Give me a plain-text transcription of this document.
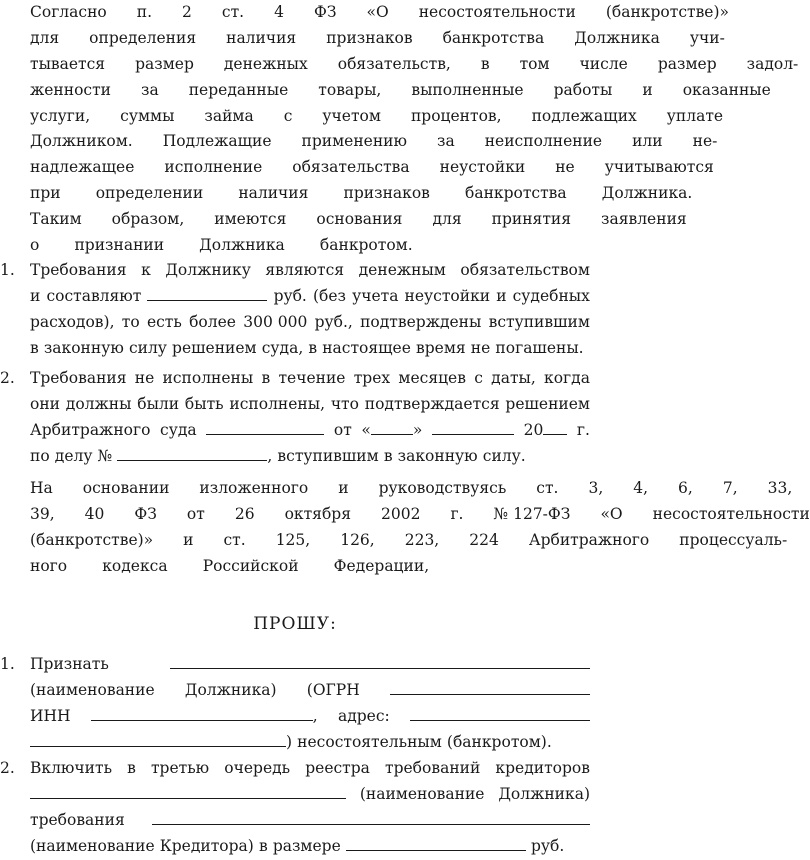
Согласно	п.	2	ст.	4	ФЗ	«О	несостоятельности	(банкротстве)»
для	определения	наличия	признаков	банкротства	Должника	учи-
тывается	размер	денежных	обязательств,	в	том	числе	размер	задол-
женности	за	переданные	товары,	выполненные	работы	и	оказанные
услуги,	суммы	займа	с	учетом	процентов,	подлежащих	уплате
Должником.	Подлежащие	применению	за	неисполнение	или	не-
надлежащее	исполнение	обязательства	неустойки	не	учитываются
при	определении	наличия	признаков	банкротства	Должника.
Таким	образом,	имеются	основания	для	принятия	заявления
о	признании	Должника	банкротом.
1. Требования к Должнику являются денежным обязательством
и составляют	руб. (без учета неустойки и судебных
расходов), то есть более 300 000 руб., подтверждены вступившим
в законную силу решением суда, в настоящее время не погашены.
2. Требования не исполнены в течение трех месяцев с даты, когда
они должны были быть исполнены, что подтверждается решением
Арбитражного суда	от «	»	20	г.
по делу №	, вступившим в законную силу.
На	основании	изложенного	и	руководствуясь	ст.	3,	4,	6,	7,	33,
39,	40	ФЗ	от	26	октября	2002	г.	№ 127-ФЗ	«О	несостоятельности
(банкротстве)»	и	ст.	125,	126,	223,	224	Арбитражного	процессуаль-
ного	кодекса	Российской	Федерации,
ПРОШУ:
1. Признать
(наименование Должника) (ОГРН
ИНН	, адрес:
) несостоятельным (банкротом).
2. Включить в третью очередь реестра требований кредиторов
(наименование Должника)
требования
(наименование Кредитора) в размере	руб.
